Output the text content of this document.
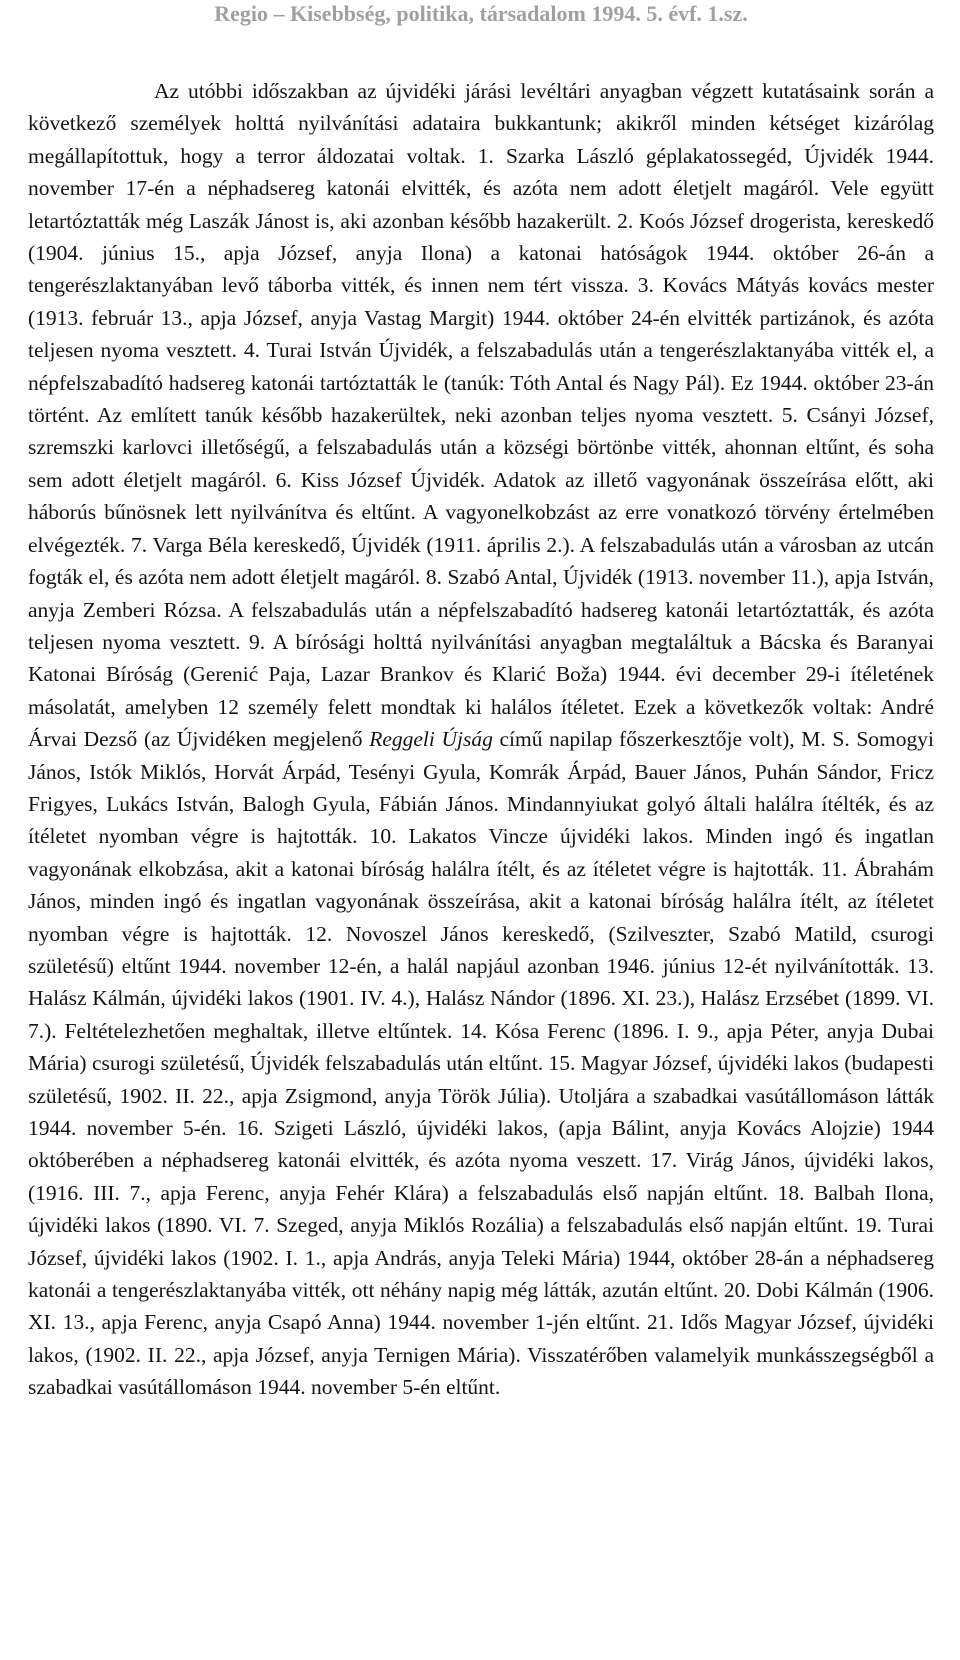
Regio – Kisebbség, politika, társadalom 1994. 5. évf. 1.sz.

Az utóbbi időszakban az újvidéki járási levéltári anyagban végzett kutatásaink során a következő személyek holttá nyilvánítási adataira bukkantunk; akikről minden kétséget kizárólag megállapítottuk, hogy a terror áldozatai voltak. 1. Szarka László géplakatossegéd, Újvidék 1944. november 17-én a néphadsereg katonái elvitték, és azóta nem adott életjelt magáról. Vele együtt letartóztatták még Laszák Jánost is, aki azonban később hazakerült. 2. Koós József drogerista, kereskedő (1904. június 15., apja József, anyja Ilona) a katonai hatóságok 1944. október 26-án a tengerészlaktanyában levő táborba vitték, és innen nem tért vissza. 3. Kovács Mátyás kovács mester (1913. február 13., apja József, anyja Vastag Margit) 1944. október 24-én elvitték partizánok, és azóta teljesen nyoma vesztett. 4. Turai István Újvidék, a felszabadulás után a tengerészlaktanyába vitték el, a népfelszabadító hadsereg katonái tartóztatták le (tanúk: Tóth Antal és Nagy Pál). Ez 1944. október 23-án történt. Az említett tanúk később hazakerültek, neki azonban teljes nyoma vesztett. 5. Csányi József, szremszki karlovci illetőségű, a felszabadulás után a községi börtönbe vitték, ahonnan eltűnt, és soha sem adott életjelt magáról. 6. Kiss József Újvidék. Adatok az illető vagyonának összeírása előtt, aki háborús bűnösnek lett nyilvánítva és eltűnt. A vagyonelkobzást az erre vonatkozó törvény értelmében elvégezték. 7. Varga Béla kereskedő, Újvidék (1911. április 2.). A felszabadulás után a városban az utcán fogták el, és azóta nem adott életjelt magáról. 8. Szabó Antal, Újvidék (1913. november 11.), apja István, anyja Zemberi Rózsa. A felszabadulás után a népfelszabadító hadsereg katonái letartóztatták, és azóta teljesen nyoma vesztett. 9. A bírósági holttá nyilvánítási anyagban megtaláltuk a Bácska és Baranyai Katonai Bíróság (Gerenić Paja, Lazar Brankov és Klarić Boža) 1944. évi december 29-i ítéletének másolatát, amelyben 12 személy felett mondtak ki halálos ítéletet. Ezek a következők voltak: André Árvai Dezső (az Újvidéken megjelenő Reggeli Újság című napilap főszerkesztője volt), M. S. Somogyi János, Istók Miklós, Horvát Árpád, Tesényi Gyula, Komrák Árpád, Bauer János, Puhán Sándor, Fricz Frigyes, Lukács István, Balogh Gyula, Fábián János. Mindannyiukat golyó általi halálra ítélték, és az ítéletet nyomban végre is hajtották. 10. Lakatos Vincze újvidéki lakos. Minden ingó és ingatlan vagyonának elkobzása, akit a katonai bíróság halálra ítélt, és az ítéletet végre is hajtották. 11. Ábrahám János, minden ingó és ingatlan vagyonának összeírása, akit a katonai bíróság halálra ítélt, az ítéletet nyomban végre is hajtották. 12. Novoszel János kereskedő, (Szilveszter, Szabó Matild, csurogi születésű) eltűnt 1944. november 12-én, a halál napjául azonban 1946. június 12-ét nyilvánították. 13. Halász Kálmán, újvidéki lakos (1901. IV. 4.), Halász Nándor (1896. XI. 23.), Halász Erzsébet (1899. VI. 7.). Feltételezhetően meghaltak, illetve eltűntek. 14. Kósa Ferenc (1896. I. 9., apja Péter, anyja Dubai Mária) csurogi születésű, Újvidék felszabadulás után eltűnt. 15. Magyar József, újvidéki lakos (budapesti születésű, 1902. II. 22., apja Zsigmond, anyja Török Júlia). Utoljára a szabadkai vasútállomáson látták 1944. november 5-én. 16. Szigeti László, újvidéki lakos, (apja Bálint, anyja Kovács Alojzie) 1944 októberében a néphadsereg katonái elvitték, és azóta nyoma veszett. 17. Virág János, újvidéki lakos, (1916. III. 7., apja Ferenc, anyja Fehér Klára) a felszabadulás első napján eltűnt. 18. Balbah Ilona, újvidéki lakos (1890. VI. 7. Szeged, anyja Miklós Rozália) a felszabadulás első napján eltűnt. 19. Turai József, újvidéki lakos (1902. I. 1., apja András, anyja Teleki Mária) 1944, október 28-án a néphadsereg katonái a tengerészlaktanyába vitték, ott néhány napig még látták, azután eltűnt. 20. Dobi Kálmán (1906. XI. 13., apja Ferenc, anyja Csapó Anna) 1944. november 1-jén eltűnt. 21. Idős Magyar József, újvidéki lakos, (1902. II. 22., apja József, anyja Ternigen Mária). Visszatérőben valamelyik munkásszegségből a szabadkai vasútállomáson 1944. november 5-én eltűnt.
